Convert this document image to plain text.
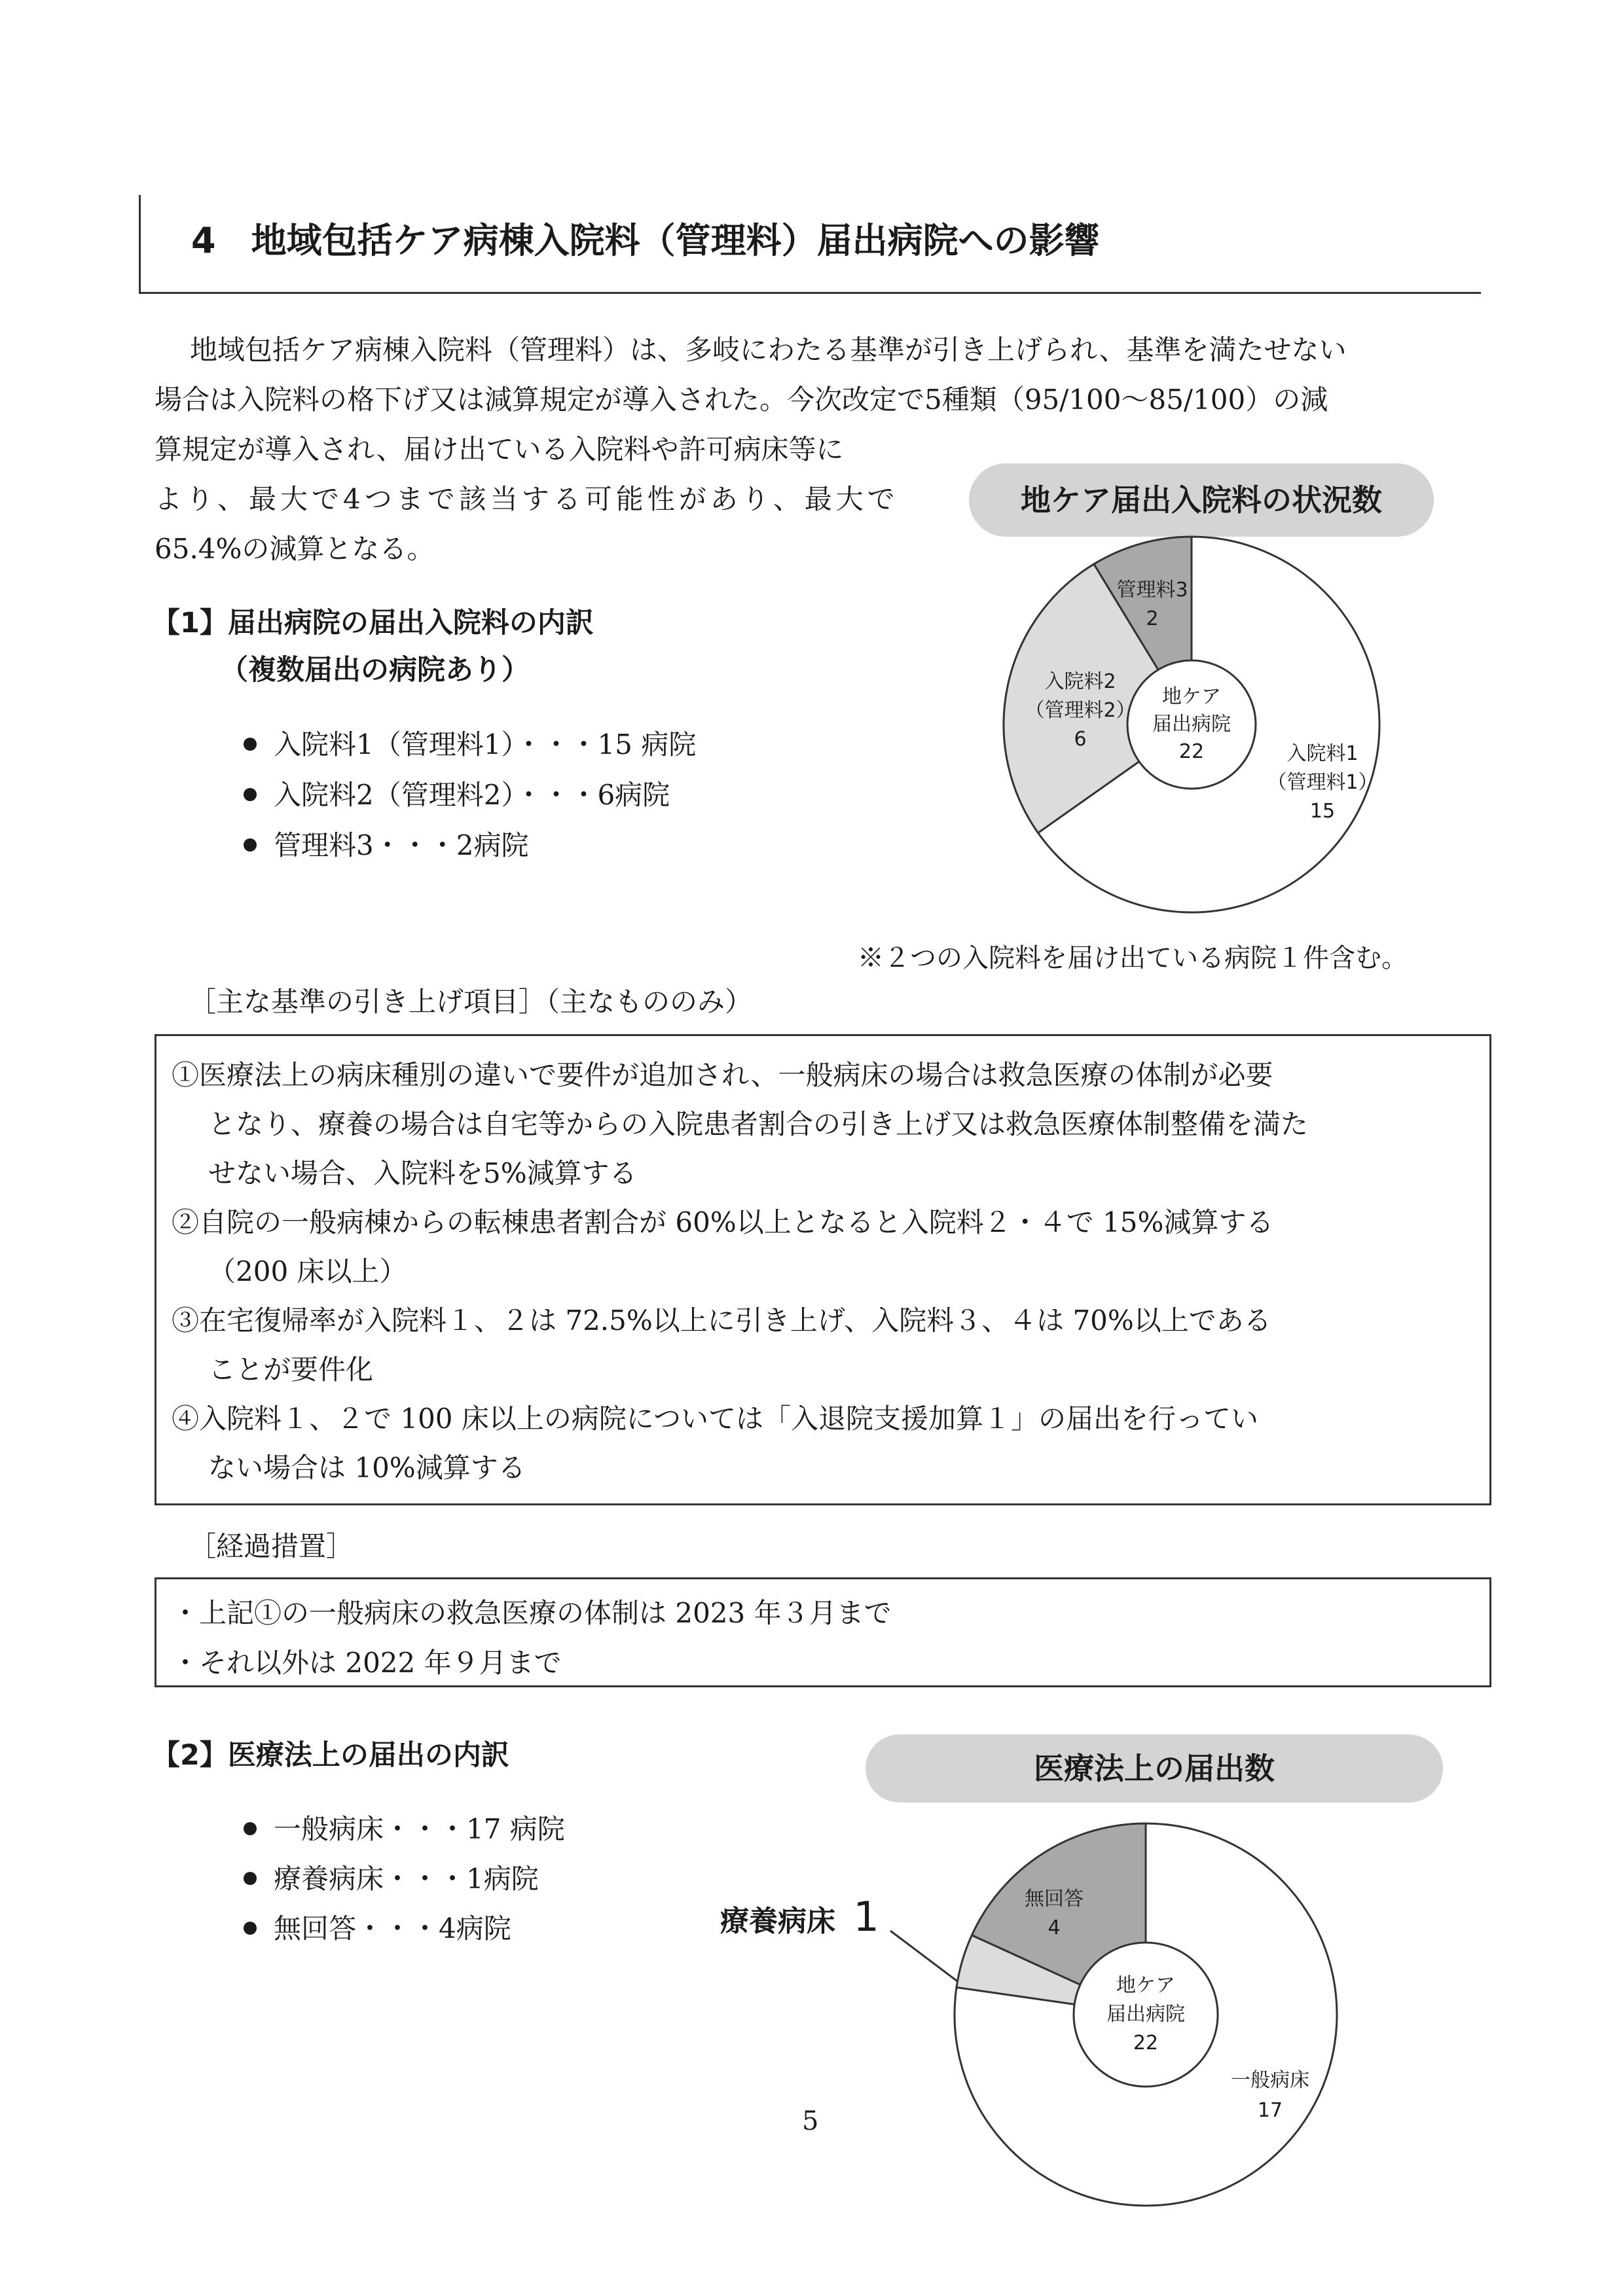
4　地域包括ケア病棟入院料（管理料）届出病院への影響
地域包括ケア病棟入院料（管理料）は、多岐にわたる基準が引き上げられ、基準を満たせない
場合は入院料の格下げ又は減算規定が導入された。今次改定で5種類（95/100〜85/100）の減
算規定が導入され、届け出ている入院料や許可病床等に
より、最大で4つまで該当する可能性があり、最大で
65.4%の減算となる。
【1】届出病院の届出入院料の内訳
（複数届出の病院あり）
入院料1（管理料1）・・・15 病院
入院料2（管理料2）・・・6病院
管理料3・・・2病院
地ケア届出入院料の状況数
管理料3
2
入院料2
（管理料2）
6
入院料1
（管理料1）
15
地ケア
届出病院
22
※２つの入院料を届け出ている病院１件含む。
［主な基準の引き上げ項目］（主なもののみ）
①医療法上の病床種別の違いで要件が追加され、一般病床の場合は救急医療の体制が必要
となり、療養の場合は自宅等からの入院患者割合の引き上げ又は救急医療体制整備を満た
せない場合、入院料を5%減算する
②自院の一般病棟からの転棟患者割合が 60%以上となると入院料２・４で 15%減算する
（200 床以上）
③在宅復帰率が入院料１、２は 72.5%以上に引き上げ、入院料３、４は 70%以上である
ことが要件化
④入院料１、２で 100 床以上の病院については「入退院支援加算１」の届出を行ってい
ない場合は 10%減算する
［経過措置］
・上記①の一般病床の救急医療の体制は 2023 年３月まで
・それ以外は 2022 年９月まで
【2】医療法上の届出の内訳
一般病床・・・17 病院
療養病床・・・1病院
無回答・・・4病院
医療法上の届出数
療養病床 1	無回答
4
一般病床
17
地ケア
届出病院
22
5
